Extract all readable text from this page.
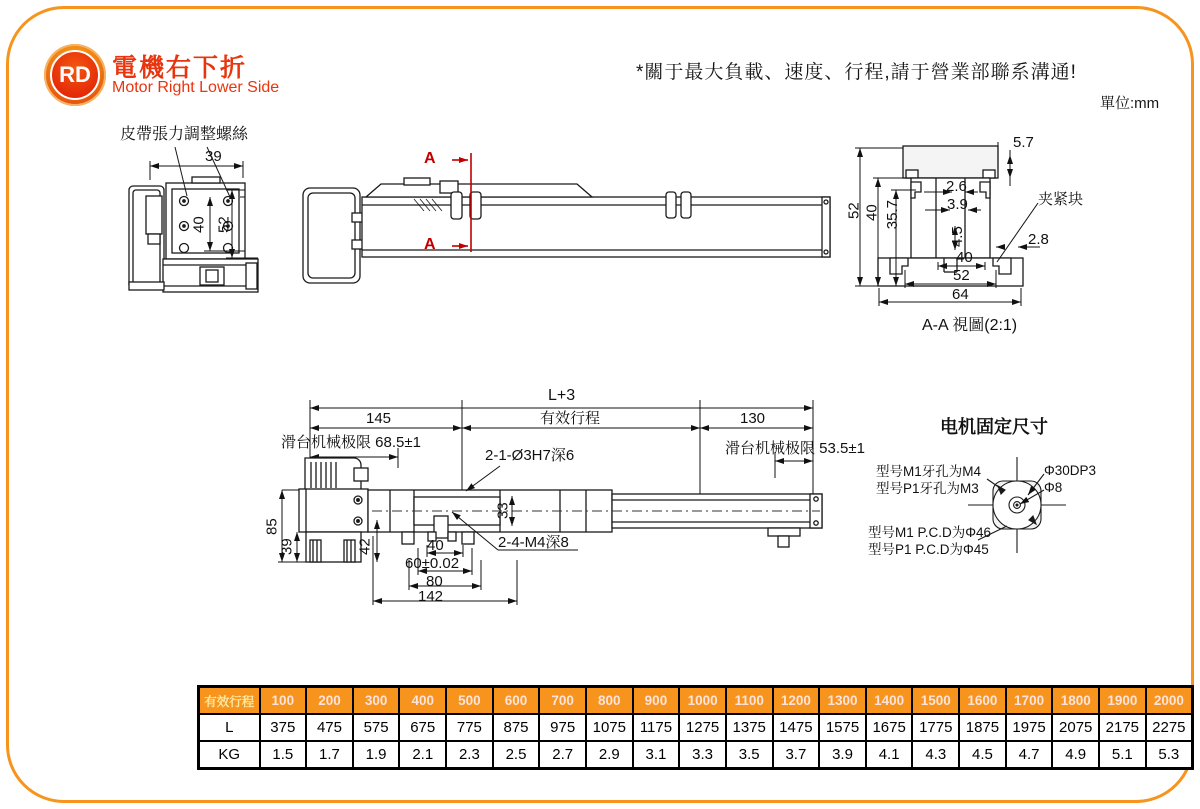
RD 電機右下折
Motor Right Lower Side
*關于最大負載、速度、行程,請于營業部聯系溝通!
單位:mm
皮帶張力調整螺絲
39
40 52
A
A
5.7
52 40 35.7
2.6
3.9
4.5
夹紧块
2.8
40
52
64
A-A 視圖(2:1)
L+3
145	有效行程	130
滑台机械极限 68.5±1
2-1-Ø3H7深6	滑台机械极限 53.5±1
85
39	42
33
40
60±0.02
80
142
2-4-M4深8
电机固定尺寸
型号M1牙孔为M4
型号P1牙孔为M3
Φ30DP3
Φ8
型号M1 P.C.D为Φ46
型号P1 P.C.D为Φ45
有效行程	100	200	300	400	500	600	700	800	900	1000	1100	1200	1300	1400	1500	1600	1700	1800	1900	2000
L	375	475	575	675	775	875	975	1075	1175	1275	1375	1475	1575	1675	1775	1875	1975	2075	2175	2275
KG	1.5	1.7	1.9	2.1	2.3	2.5	2.7	2.9	3.1	3.3	3.5	3.7	3.9	4.1	4.3	4.5	4.7	4.9	5.1	5.3
